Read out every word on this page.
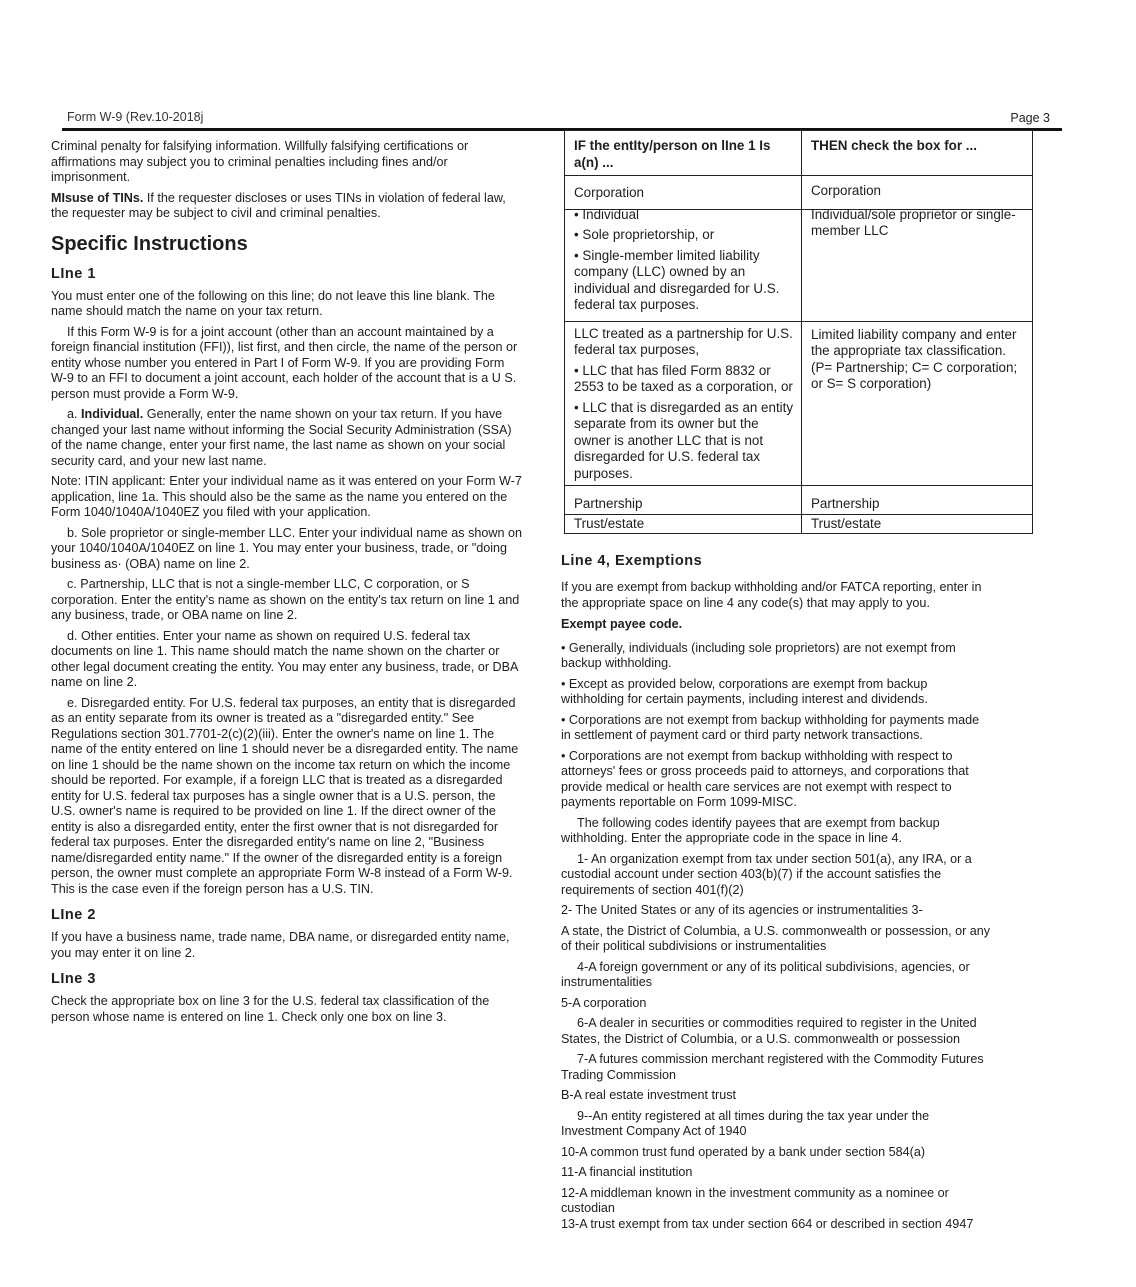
Form W-9 (Rev.10-2018j	Page 3

Criminal penalty for falsifying information. Willfully falsifying certifications or affirmations may subject you to criminal penalties including fines and/or imprisonment.

MIsuse of TINs. If the requester discloses or uses TINs in violation of federal law, the requester may be subject to civil and criminal penalties.

Specific Instructions
LIne 1

You must enter one of the following on this line; do not leave this line blank. The name should match the name on your tax return.

If this Form W-9 is for a joint account (other than an account maintained by a foreign financial institution (FFI)), list first, and then circle, the name of the person or entity whose number you entered in Part I of Form W-9. If you are providing Form W-9 to an FFI to document a joint account, each holder of the account that is a U S. person must provide a Form W-9.

a. Individual. Generally, enter the name shown on your tax return. If you have changed your last name without informing the Social Security Administration (SSA) of the name change, enter your first name, the last name as shown on your social security card, and your new last name.

Note: ITIN applicant: Enter your individual name as it was entered on your Form W-7 application, line 1a. This should also be the same as the name you entered on the Form 1040/1040A/1040EZ you filed with your application.

b. Sole proprietor or single-member LLC. Enter your individual name as shown on your 1040/1040A/1040EZ on line 1. You may enter your business, trade, or "doing business as· (OBA) name on line 2.

c. Partnership, LLC that is not a single-member LLC, C corporation, or S corporation. Enter the entity's name as shown on the entity's tax return on line 1 and any business, trade, or OBA name on line 2.

d. Other entities. Enter your name as shown on required U.S. federal tax documents on line 1. This name should match the name shown on the charter or other legal document creating the entity. You may enter any business, trade, or DBA name on line 2.

e. Disregarded entity. For U.S. federal tax purposes, an entity that is disregarded as an entity separate from its owner is treated as a "disregarded entity." See Regulations section 301.7701-2(c)(2)(iii). Enter the owner's name on line 1. The name of the entity entered on line 1 should never be a disregarded entity. The name on line 1 should be the name shown on the income tax return on which the income should be reported. For example, if a foreign LLC that is treated as a disregarded entity for U.S. federal tax purposes has a single owner that is a U.S. person, the U.S. owner's name is required to be provided on line 1. If the direct owner of the entity is also a disregarded entity, enter the first owner that is not disregarded for federal tax purposes. Enter the disregarded entity's name on line 2, "Business name/disregarded entity name." If the owner of the disregarded entity is a foreign person, the owner must complete an appropriate Form W-8 instead of a Form W-9. This is the case even if the foreign person has a U.S. TIN.

LIne 2

If you have a business name, trade name, DBA name, or disregarded entity name, you may enter it on line 2.

LIne 3

Check the appropriate box on line 3 for the U.S. federal tax classification of the person whose name is entered on line 1. Check only one box on line 3.

IF the entIty/person on lIne 1 Is a(n) ...	THEN check the box for ...

Corporation	Corporation

• Individual
• Sole proprietorship, or
• Single-member limited liability company (LLC) owned by an individual and disregarded for U.S. federal tax purposes.	Individual/sole proprietor or single-member LLC

LLC treated as a partnership for U.S. federal tax purposes,
• LLC that has filed Form 8832 or 2553 to be taxed as a corporation, or
• LLC that is disregarded as an entity separate from its owner but the owner is another LLC that is not disregarded for U.S. federal tax purposes.	Limited liability company and enter the appropriate tax classification. (P= Partnership; C= C corporation; or S= S corporation)
Partnership	Partnership
Trust/estate	Trust/estate
Line 4, Exemptions

If you are exempt from backup withholding and/or FATCA reporting, enter in the appropriate space on line 4 any code(s) that may apply to you.

Exempt payee code.

• Generally, individuals (including sole proprietors) are not exempt from backup withholding.

• Except as provided below, corporations are exempt from backup withholding for certain payments, including interest and dividends.

• Corporations are not exempt from backup withholding for payments made in settlement of payment card or third party network transactions.

• Corporations are not exempt from backup withholding with respect to attorneys' fees or gross proceeds paid to attorneys, and corporations that provide medical or health care services are not exempt with respect to payments reportable on Form 1099-MISC.

The following codes identify payees that are exempt from backup withholding. Enter the appropriate code in the space in line 4.

1- An organization exempt from tax under section 501(a), any IRA, or a custodial account under section 403(b)(7) if the account satisfies the requirements of section 401(f)(2)

2- The United States or any of its agencies or instrumentalities 3-

A state, the District of Columbia, a U.S. commonwealth or possession, or any of their political subdivisions or instrumentalities

4-A foreign government or any of its political subdivisions, agencies, or instrumentalities

5-A corporation

6-A dealer in securities or commodities required to register in the United States, the District of Columbia, or a U.S. commonwealth or possession

7-A futures commission merchant registered with the Commodity Futures Trading Commission

B-A real estate investment trust

9--An entity registered at all times during the tax year under the Investment Company Act of 1940

10-A common trust fund operated by a bank under section 584(a)

11-A financial institution

12-A middleman known in the investment community as a nominee or custodian

13-A trust exempt from tax under section 664 or described in section 4947
